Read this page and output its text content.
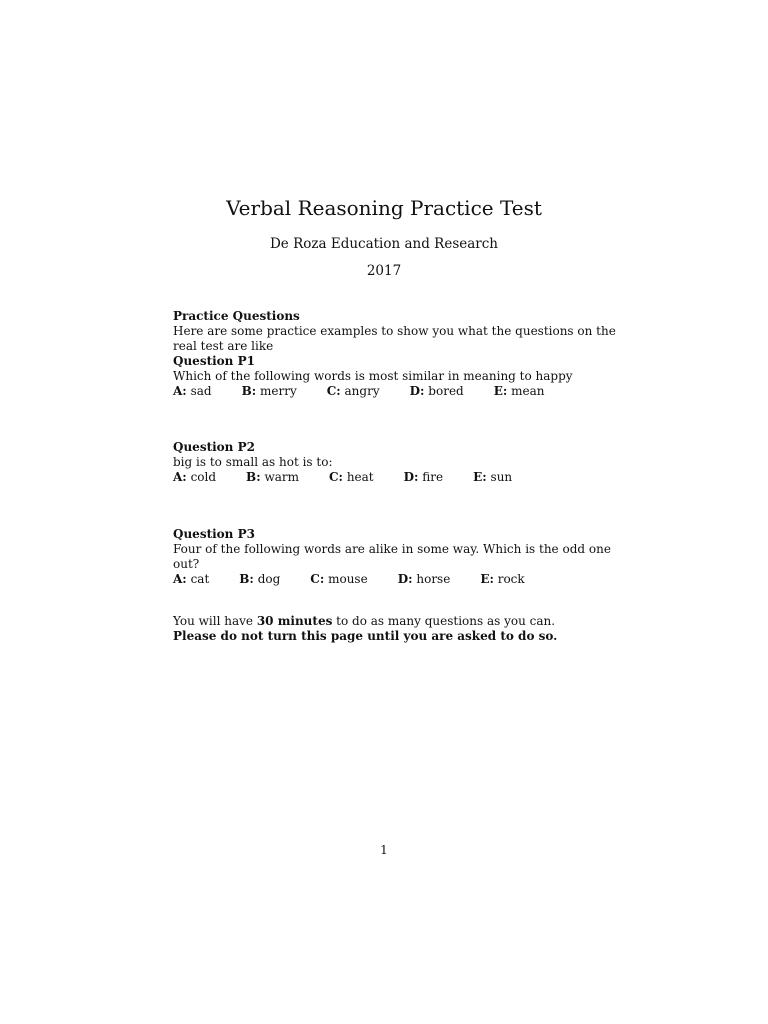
Verbal Reasoning Practice Test
De Roza Education and Research
2017

Practice Questions

Here are some practice examples to show you what the questions on the real test are like

Question P1

Which of the following words is most similar in meaning to happy

A: sad	B: merry	C: angry	D: bored	E: mean

Question P2

big is to small as hot is to:

A: cold	B: warm	C: heat	D: fire	E: sun

Question P3

Four of the following words are alike in some way. Which is the odd one out?

A: cat	B: dog	C: mouse	D: horse	E: rock

You will have 30 minutes to do as many questions as you can.

Please do not turn this page until you are asked to do so.

1
